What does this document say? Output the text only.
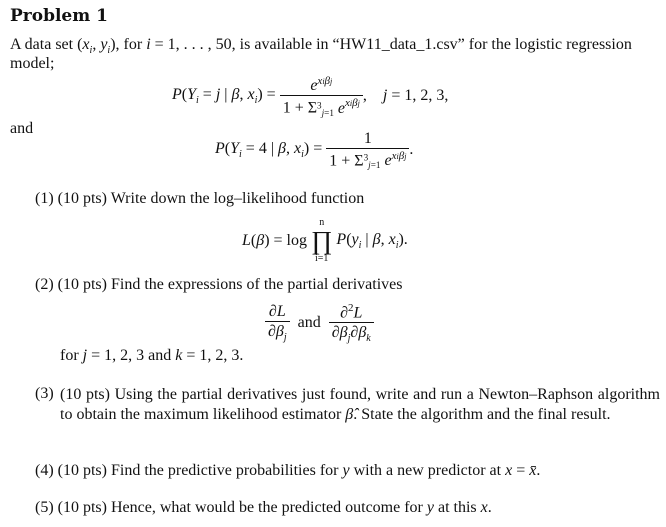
Problem 1
A data set ($x_i$, $y_i$), for i = 1, . . . , 50, is available in “HW11_data_1.csv” for the logistic regression
model;
$P(Y_i = j$ | β, $x_i) = \frac{e^{xi\beta j}}{1 + \Sigma^3_{j=1} e^{xi\beta j}}$ ,    j = 1, 2, 3,
and
$P(Y_i = 4$ | β, $x_i) = \frac{1}{1 + \Sigma^3_{j=1} e^{xi\beta j}}$ .
(1) (10 pts) Write down the log–likelihood function
L(β) = log
n
∏
i=1
$P(y_i$ | β, $x_i$).
(2) (10 pts) Find the expressions of the partial derivatives
$\frac{\partial L}{\partial\beta_j}$ and $\frac{\partial^2L}{\partial\beta_j\partial\beta_k}$
for j = 1, 2, 3 and k = 1, 2, 3.
(3) (10 pts) Using the partial derivatives just found, write and run a Newton–Raphson algorithm to obtain the maximum likelihood estimator β̂. State the algorithm and the final result.
(4) (10 pts) Find the predictive probabilities for y with a new predictor at x = x̄.
(5) (10 pts) Hence, what would be the predicted outcome for y at this x.
